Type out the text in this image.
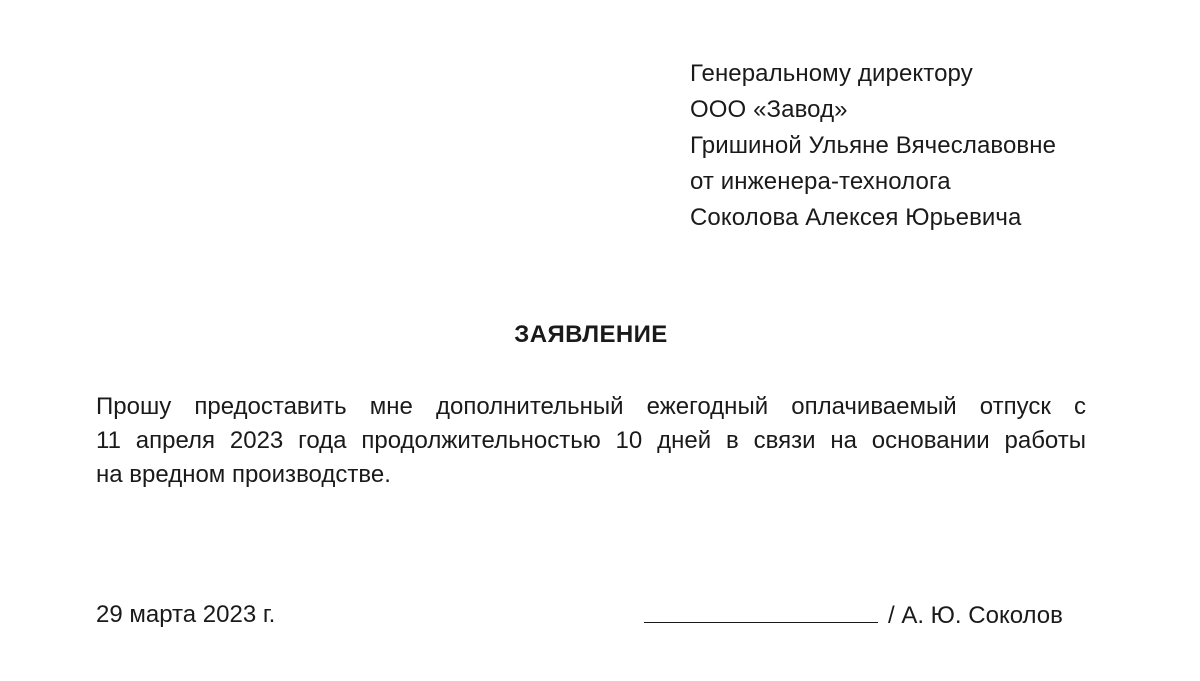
Генеральному директору
ООО «Завод»
Гришиной Ульяне Вячеславовне
от инженера-технолога
Соколова Алексея Юрьевича
ЗАЯВЛЕНИЕ
Прошу предоставить мне дополнительный ежегодный оплачиваемый отпуск с
11 апреля 2023 года продолжительностью 10 дней в связи на основании работы
на вредном производстве.
29 марта 2023 г.	/ А. Ю. Соколов
